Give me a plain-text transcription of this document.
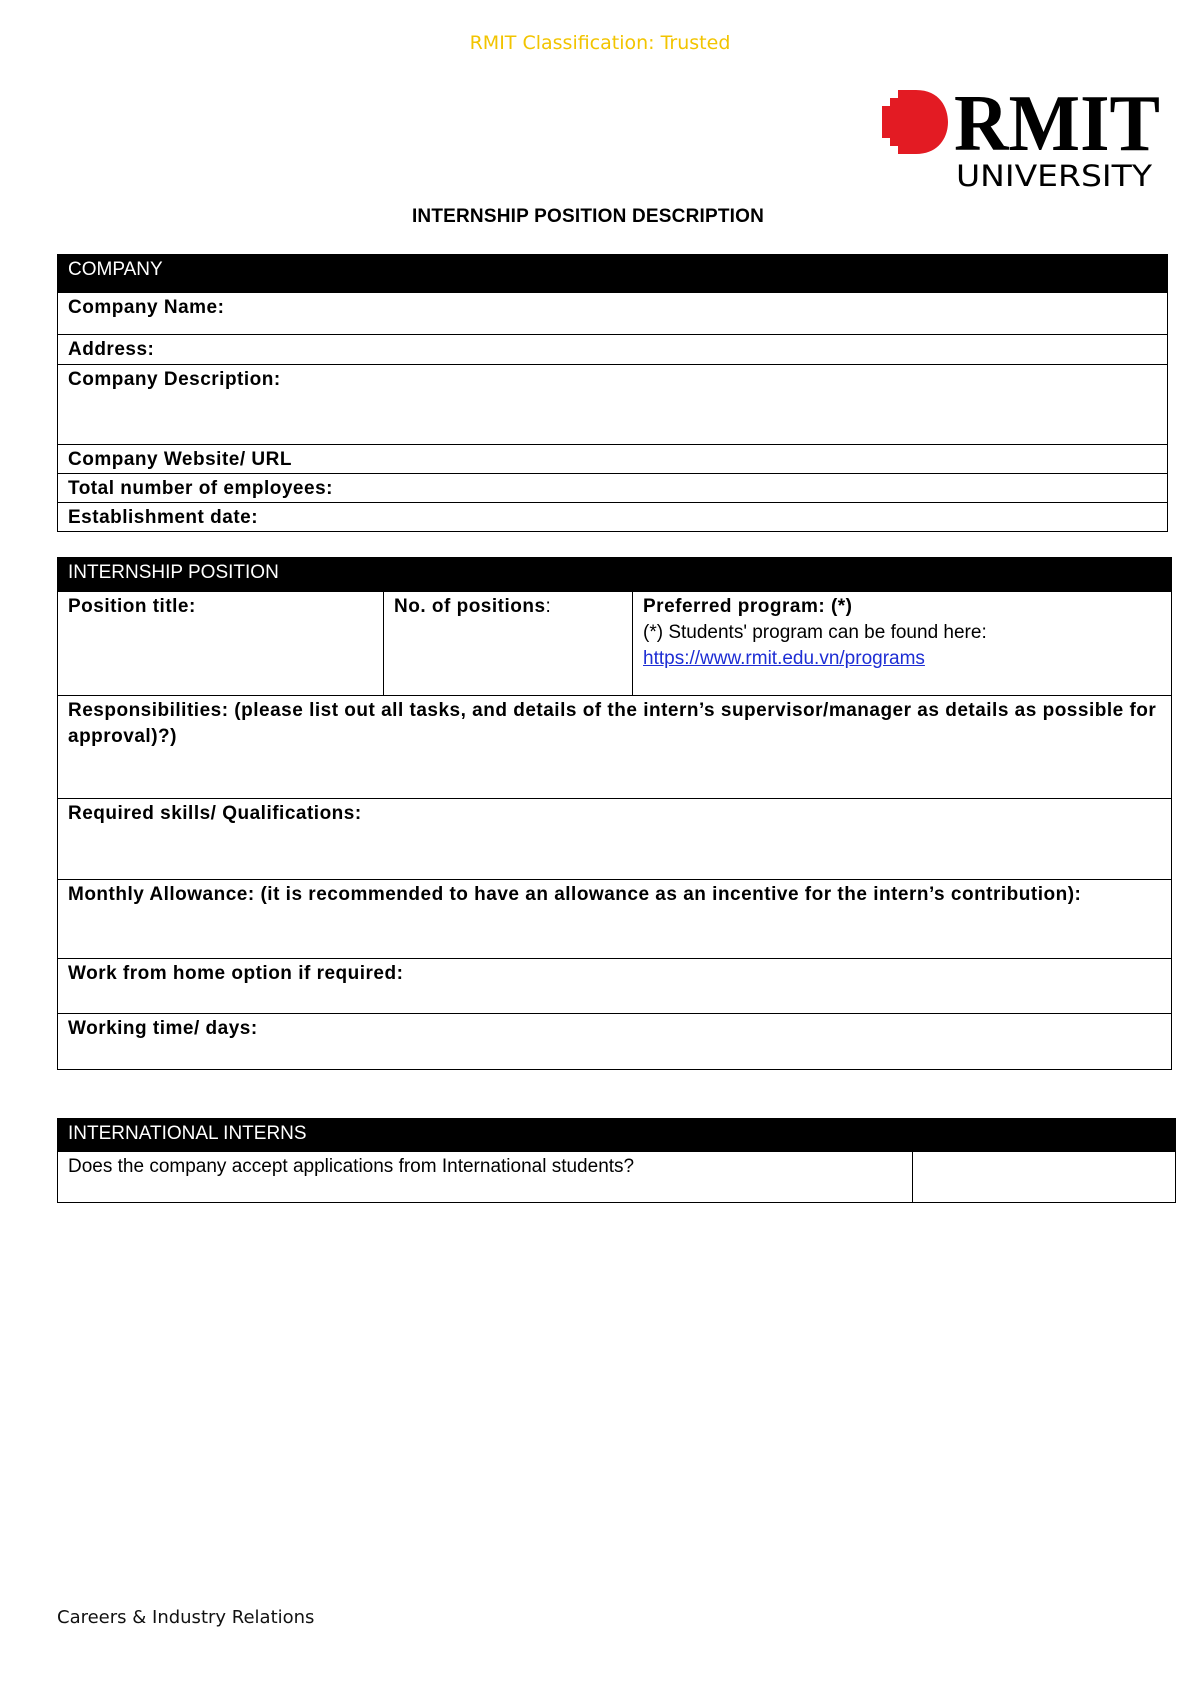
RMIT Classification: Trusted
RMIT
UNIVERSITY
INTERNSHIP POSITION DESCRIPTION
COMPANY
Company Name:
Address:
Company Description:
Company Website/ URL
Total number of employees:
Establishment date:
INTERNSHIP POSITION
Position title:	No. of positions:	Preferred program: (*)
(*) Students' program can be found here:
https://www.rmit.edu.vn/programs

Responsibilities: (please list out all tasks, and details of the intern’s supervisor/manager as details as possible for approval)?)
Required skills/ Qualifications:
Monthly Allowance: (it is recommended to have an allowance as an incentive for the intern’s contribution):
Work from home option if required:
Working time/ days:
INTERNATIONAL INTERNS
Does the company accept applications from International students?	
Careers & Industry Relations
